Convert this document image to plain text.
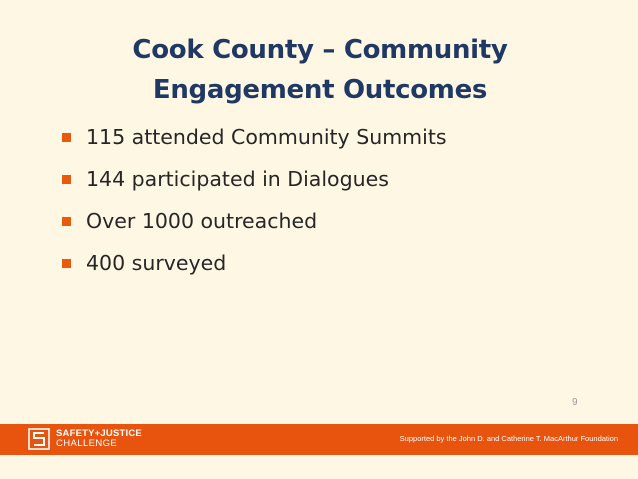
Cook County – Community
Engagement Outcomes
115 attended Community Summits
144 participated in Dialogues
Over 1000 outreached
400 surveyed
9
SAFETY+JUSTICE
CHALLENGE	Supported by the John D. and Catherine T. MacArthur Foundation
